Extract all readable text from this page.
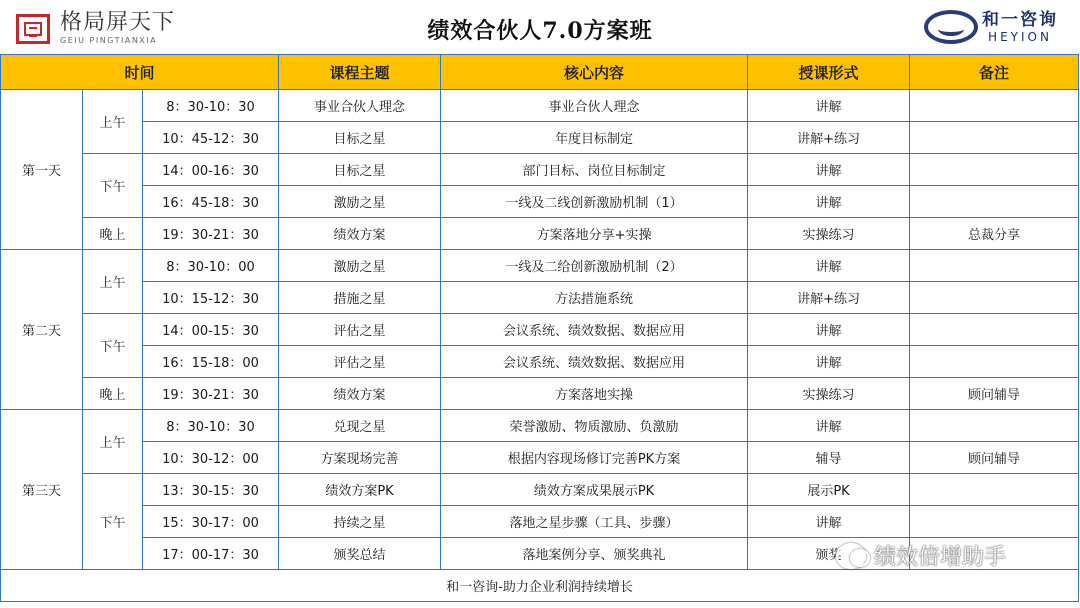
格局屏天下
GEIU PINGTIANXIA	绩效合伙人7.0方案班	和一咨询
HEYION
时间			课程主题	核心内容	授课形式	备注
第一天	上午	8：30-10：30	事业合伙人理念	事业合伙人理念	讲解	
		10：45-12：30	目标之星	年度目标制定	讲解+练习	
	下午	14：00-16：30	目标之星	部门目标、岗位目标制定	讲解	
		16：45-18：30	激励之星	一线及二线创新激励机制（1）	讲解	
	晚上	19：30-21：30	绩效方案	方案落地分享+实操	实操练习	总裁分享
第二天	上午	8：30-10：00	激励之星	一线及二给创新激励机制（2）	讲解	
		10：15-12：30	措施之星	方法措施系统	讲解+练习	
	下午	14：00-15：30	评估之星	会议系统、绩效数据、数据应用	讲解	
		16：15-18：00	评估之星	会议系统、绩效数据、数据应用	讲解	
	晚上	19：30-21：30	绩效方案	方案落地实操	实操练习	顾问辅导
第三天	上午	8：30-10：30	兑现之星	荣誉激励、物质激励、负激励	讲解	
		10：30-12：00	方案现场完善	根据内容现场修订完善PK方案	辅导	顾问辅导
	下午	13：30-15：30	绩效方案PK	绩效方案成果展示PK	展示PK	
		15：30-17：00	持续之星	落地之星步骤（工具、步骤）	讲解	
		17：00-17：30	颁奖总结	落地案例分享、颁奖典礼	颁奖	
和一咨询-助力企业利润持续增长						
绩效倍增助手
